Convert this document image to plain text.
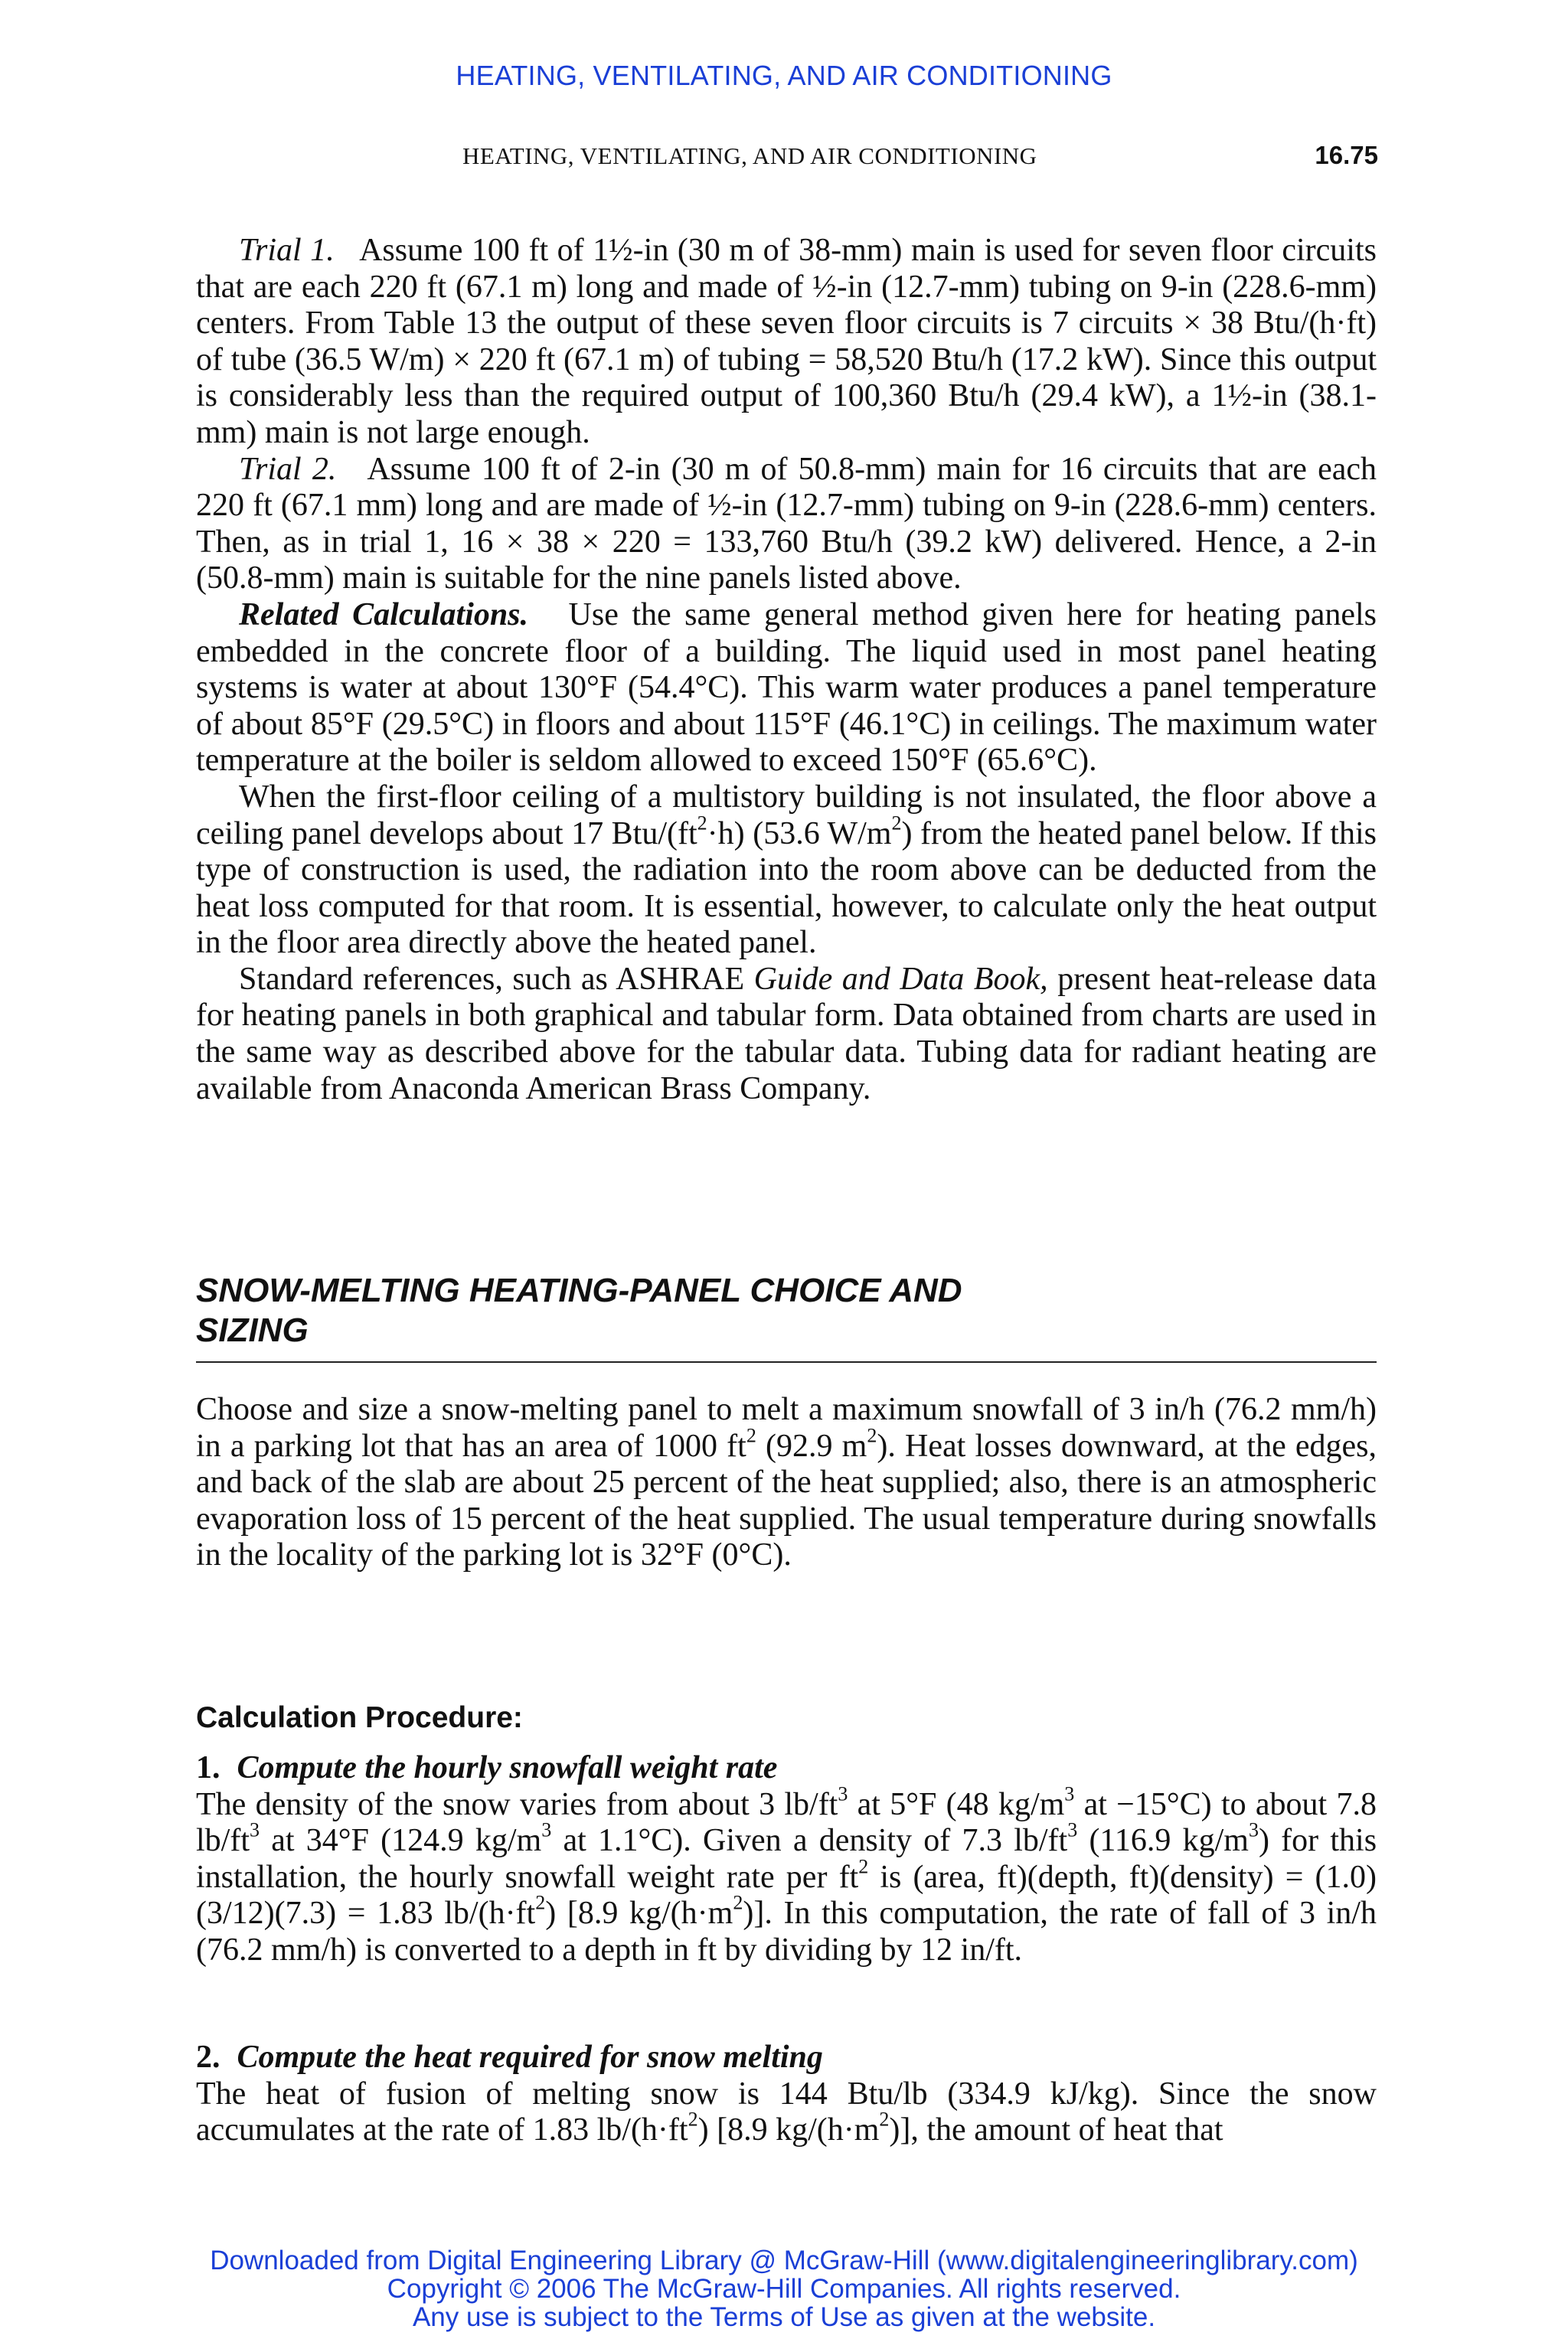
HEATING, VENTILATING, AND AIR CONDITIONING
HEATING, VENTILATING, AND AIR CONDITIONING	16.75

Trial 1. Assume 100 ft of 1½-in (30 m of 38-mm) main is used for seven floor circuits that are each 220 ft (67.1 m) long and made of ½-in (12.7-mm) tubing on 9-in (228.6-mm) centers. From Table 13 the output of these seven floor circuits is 7 circuits × 38 Btu/(h·ft) of tube (36.5 W/m) × 220 ft (67.1 m) of tubing = 58,520 Btu/h (17.2 kW). Since this output is considerably less than the required output of 100,360 Btu/h (29.4 kW), a 1½-in (38.1-mm) main is not large enough.

Trial 2. Assume 100 ft of 2-in (30 m of 50.8-mm) main for 16 circuits that are each 220 ft (67.1 mm) long and are made of ½-in (12.7-mm) tubing on 9-in (228.6-mm) centers. Then, as in trial 1, 16 × 38 × 220 = 133,760 Btu/h (39.2 kW) delivered. Hence, a 2-in (50.8-mm) main is suitable for the nine panels listed above.

Related Calculations. Use the same general method given here for heating panels embedded in the concrete floor of a building. The liquid used in most panel heating systems is water at about 130°F (54.4°C). This warm water produces a panel temperature of about 85°F (29.5°C) in floors and about 115°F (46.1°C) in ceilings. The maximum water temperature at the boiler is seldom allowed to exceed 150°F (65.6°C).

When the first-floor ceiling of a multistory building is not insulated, the floor above a ceiling panel develops about 17 Btu/$(ft^2\cdot h)$ (53.6 $W/m^2$) from the heated panel below. If this type of construction is used, the radiation into the room above can be deducted from the heat loss computed for that room. It is essential, however, to calculate only the heat output in the floor area directly above the heated panel.

Standard references, such as ASHRAE Guide and Data Book, present heat-release data for heating panels in both graphical and tabular form. Data obtained from charts are used in the same way as described above for the tabular data. Tubing data for radiant heating are available from Anaconda American Brass Company.

SNOW-MELTING HEATING-PANEL CHOICE AND
SIZING

Choose and size a snow-melting panel to melt a maximum snowfall of 3 in/h (76.2 mm/h) in a parking lot that has an area of 1000 $ft^2$ (92.9 $m^2$). Heat losses downward, at the edges, and back of the slab are about 25 percent of the heat supplied; also, there is an atmospheric evaporation loss of 15 percent of the heat supplied. The usual temperature during snowfalls in the locality of the parking lot is 32°F (0°C).

Calculation Procedure:

1. Compute the hourly snowfall weight rate

The density of the snow varies from about 3 $lb/ft^3$ at 5°F (48 $kg/m^3$ at −15°C) to about 7.8 $lb/ft^3$ at 34°F (124.9 $kg/m^3$ at 1.1°C). Given a density of 7.3 $lb/ft^3$ (116.9 $kg/m^3$) for this installation, the hourly snowfall weight rate per $ft^2$ is (area, ft)(depth, ft)(density) = (1.0)(3/12)(7.3) = 1.83 $lb/(h\cdot ft^2)$ [8.9 $kg/(h\cdot m^2)$]. In this computation, the rate of fall of 3 in/h (76.2 mm/h) is converted to a depth in ft by dividing by 12 in/ft.

2. Compute the heat required for snow melting

The heat of fusion of melting snow is 144 Btu/lb (334.9 kJ/kg). Since the snow accumulates at the rate of 1.83 $lb/(h\cdot ft^2)$ [8.9 $kg/(h\cdot m^2)$], the amount of heat that

Downloaded from Digital Engineering Library @ McGraw-Hill (www.digitalengineeringlibrary.com)
Copyright © 2006 The McGraw-Hill Companies. All rights reserved.
Any use is subject to the Terms of Use as given at the website.
